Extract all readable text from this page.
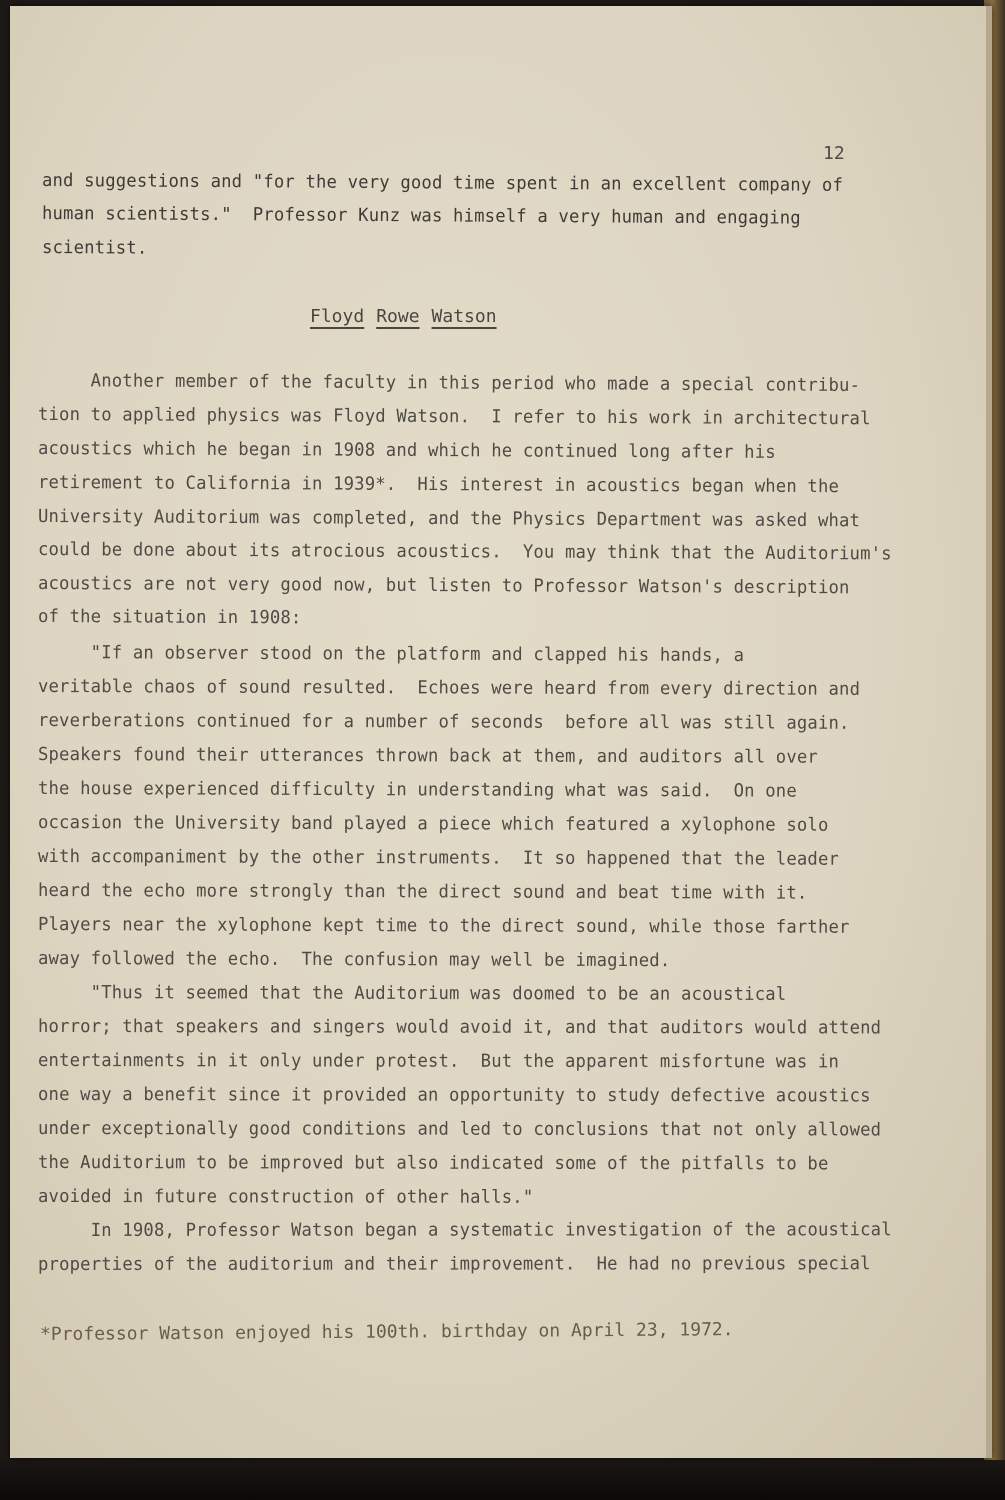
12
and suggestions and "for the very good time spent in an excellent company of
human scientists."  Professor Kunz was himself a very human and engaging
scientist.
Floyd Rowe Watson
Another member of the faculty in this period who made a special contribu-
tion to applied physics was Floyd Watson.  I refer to his work in architectural
acoustics which he began in 1908 and which he continued long after his
retirement to California in 1939*.  His interest in acoustics began when the
University Auditorium was completed, and the Physics Department was asked what
could be done about its atrocious acoustics.  You may think that the Auditorium's
acoustics are not very good now, but listen to Professor Watson's description
of the situation in 1908:
"If an observer stood on the platform and clapped his hands, a
veritable chaos of sound resulted.  Echoes were heard from every direction and
reverberations continued for a number of seconds  before all was still again.
Speakers found their utterances thrown back at them, and auditors all over
the house experienced difficulty in understanding what was said.  On one
occasion the University band played a piece which featured a xylophone solo
with accompaniment by the other instruments.  It so happened that the leader
heard the echo more strongly than the direct sound and beat time with it.
Players near the xylophone kept time to the direct sound, while those farther
away followed the echo.  The confusion may well be imagined.
"Thus it seemed that the Auditorium was doomed to be an acoustical
horror; that speakers and singers would avoid it, and that auditors would attend
entertainments in it only under protest.  But the apparent misfortune was in
one way a benefit since it provided an opportunity to study defective acoustics
under exceptionally good conditions and led to conclusions that not only allowed
the Auditorium to be improved but also indicated some of the pitfalls to be
avoided in future construction of other halls."
In 1908, Professor Watson began a systematic investigation of the acoustical
properties of the auditorium and their improvement.  He had no previous special
*Professor Watson enjoyed his 100th. birthday on April 23, 1972.
